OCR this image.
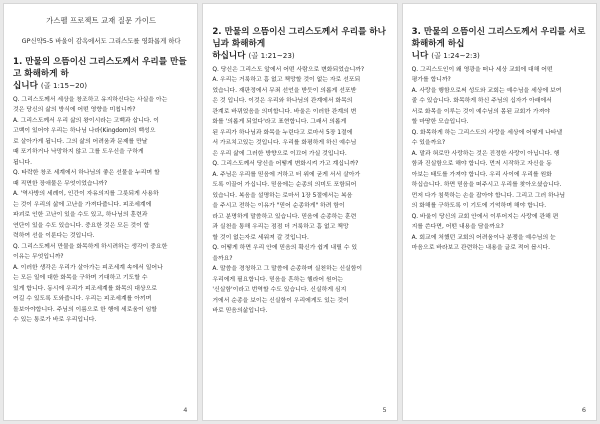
가스펠 프로젝트 교재 질문 가이드
GP신약5-5 바울이 감옥에서도 그리스도를 영화롭게 하다
1. 만물의 으뜸이신 그리스도께서 우리를 만들고 화해하게 하
십니다 (골 1:15~20)

Q. 그리스도께서 세상을 창조하고 유지하신다는 사실을 아는

것은 당신의 삶의 방식에 어떤 영향을 미칩니까?

A. 그리스도께서 우리 삶의 왕이시라는 고백과 삽니다. 이

고백이 있어야 우리는 하나님 나라(Kingdom)의 백성으

로 살아가게 됩니다. 그의 삶의 어려움과 문제를 만날

때 포기하거나 낙망하지 않고 그를 도우신을 구하게

됩니다.

Q. 타락한 창조 세계에서 하나님의 좋은 선물을 누리며 할

때 직면한 장애물은 무엇이었습니까?

A. '역사방의 세례이, 인간이 자유의지를 그릇되게 사용하

는 것이 우리의 삶에 고난을 가져다줍니다. 피조세계에

파괴로 인한 고난이 있을 수도 있고, 하나님의 훈련과

연단이 있을 수도 있습니다. 중요한 것은 모든 것이 합

력하여 선을 이룬다는 것입니다.

Q. 그리스도께서 만물을 화목하게 하시려하는 생각이 중요한

이유는 무엇입니까?

A. 이러한 생각은 우리가 살아가는 피조세계 속에서 일어나

는 모든 일에 대한 화목을 구하며 기대하고 기도할 수

있게 합니다. 동시에 우리가 피조세계를 화목의 대상으로

여길 수 있도록 도와줍니다. 우리는 피조세계를 아끼며

돌보아야합니다. 주님의 이름으로 한 행에 세로움이 임할

수 있는 통로가 바로 우리입니다.

4
2. 만물의 으뜸이신 그리스도께서 우리를 하나님과 화해하게
하십니다 (골 1:21~23)

Q. 당신은 그리스도 앞에서 어떤 사람으로 변화되었습니까?

A. 우리는 거룩하고 흠 없고 책망할 것이 없는 자로 선포되

었습니다. 재판정에서 무죄 선언을 받듯이 의롭게 선포받

은 것 입니다. 이것은 우리와 하나님의 관계에서 화목의

관계로 바뀌었음을 의미합니다. 바울은 이러한 관계의 변

화를 '의롭게 되었다'라고 표현합니다. 그래서 의롭게

된 우리가 하나님과 화목을 누린다고 로마서 5장 1절에

서 가르치고있는 것입니다. 우리를 화평하게 하신 예수님

은 우리 삶에 그러한 방향으로 이끄어 가실 것입니다.

Q. 그리스도께서 당신을 어떻게 변화시켜 가고 계십니까?

A. 주님은 우리를 믿음에 거하고 터 위에 굳게 서서 살아가

도록 이끌어 가십니다. 믿음에는 순종의 의미도 포함되어

있습니다. 복음을 설명하는 로마서 1장 5절에서는 복음

을 주시고 전하는 이유가 "믿어 순종하게" 하려 함이

라고 분명하게 말씀하고 있습니다. 믿음에 순종하는 훈련

과 실천을 통해 우리는 점점 더 거룩하고 흠 없고 책망

할 것이 없는자로 세워져 갈 것입니다.

Q. 어떻게 하면 우리 안에 믿음의 확신가 쉽게 내릴 수 있

을까요?

A. 말씀을 경청하고 그 말씀에 순종하며 실천하는 신실함이

우리에게 필요합니다. 믿음을 흔하는 헬라어 원어는

'신실함'이라고 번역할 수도 있습니다. 신실하게 심지

거에서 순종을 보이는 신실함이 우리에게도 있는 것이

바로 믿음의삶입니다.

5
3. 만물의 으뜸이신 그리스도께서 우리를 서로 화해하게 하십
니다 (골 1:24~2:3)

Q. 그리스도인이 왜 영광을 떠나 세상 교회에 대해 어떤

평가를 합니까?

A. 사랑을 행함으로써 성도와 교회는 예수님을 세상에 보여

줄 수 있습니다. 화목하게 하신 주님의 십자가 아래에서

서로 화목을 이루는 것이 예수님의 몸된 교회가 가져야

할 마땅한 모습입니다.

Q. 화목하게 하는 그리스도의 사랑을 세상에 어떻게 나타낼

수 있을까요?

A. 말과 혀로만 사랑하는 것은 진정한 사랑이 아닙니다. 행

함과 진실함으로 해야 합니다. 먼저 시작하고 자신을 동

아보는 태도를 가져야 합니다. 우리 사이에 우리를 원화

하십습니다. 하면 믿음을 떠주시고 우리를 찾아오셨습니다.

먼저 다가 침묵하는 손을 잡아야 합니다. 그리고 그러 하나님

의 화해를 구하도록 이 기도에 기억하며 해야 합니다.

Q. 바울이 당신의 교회 안에서 이루어지는 사랑에 관해 편

지를 쓴다면, 어떤 내용을 담을까요?

A. 회교에 처했던 교회의 어려움이나 분쟁을 예수님의 눈

마음으로 바라보고 관련하는 내용을 글로 적어 봅시다.

6
